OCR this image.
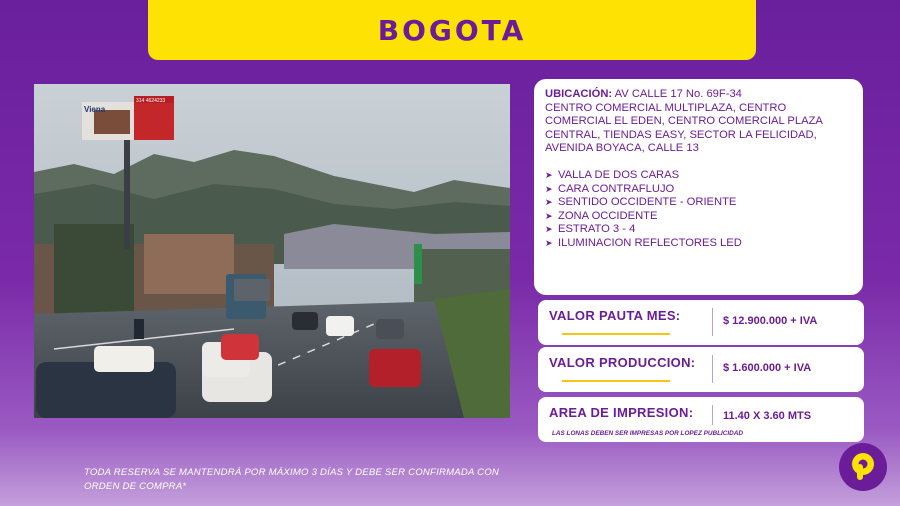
BOGOTA
Viena
314 4624233
UBICACIÓN: AV CALLE 17 No. 69F-34
CENTRO COMERCIAL MULTIPLAZA, CENTRO COMERCIAL EL EDEN, CENTRO COMERCIAL PLAZA CENTRAL, TIENDAS EASY, SECTOR LA FELICIDAD, AVENIDA BOYACA, CALLE 13
➤ VALLA DE DOS CARAS
➤ CARA CONTRAFLUJO
➤ SENTIDO OCCIDENTE - ORIENTE
➤ ZONA OCCIDENTE
➤ ESTRATO 3 - 4
➤ ILUMINACION REFLECTORES LED
VALOR PAUTA MES:	$ 12.900.000 + IVA
VALOR PRODUCCION:	$ 1.600.000 + IVA
AREA DE IMPRESION:	11.40 X 3.60 MTS
LAS LONAS DEBEN SER IMPRESAS POR LOPEZ PUBLICIDAD
TODA RESERVA SE MANTENDRÁ POR MÁXIMO 3 DÍAS Y DEBE SER CONFIRMADA CON ORDEN DE COMPRA*
